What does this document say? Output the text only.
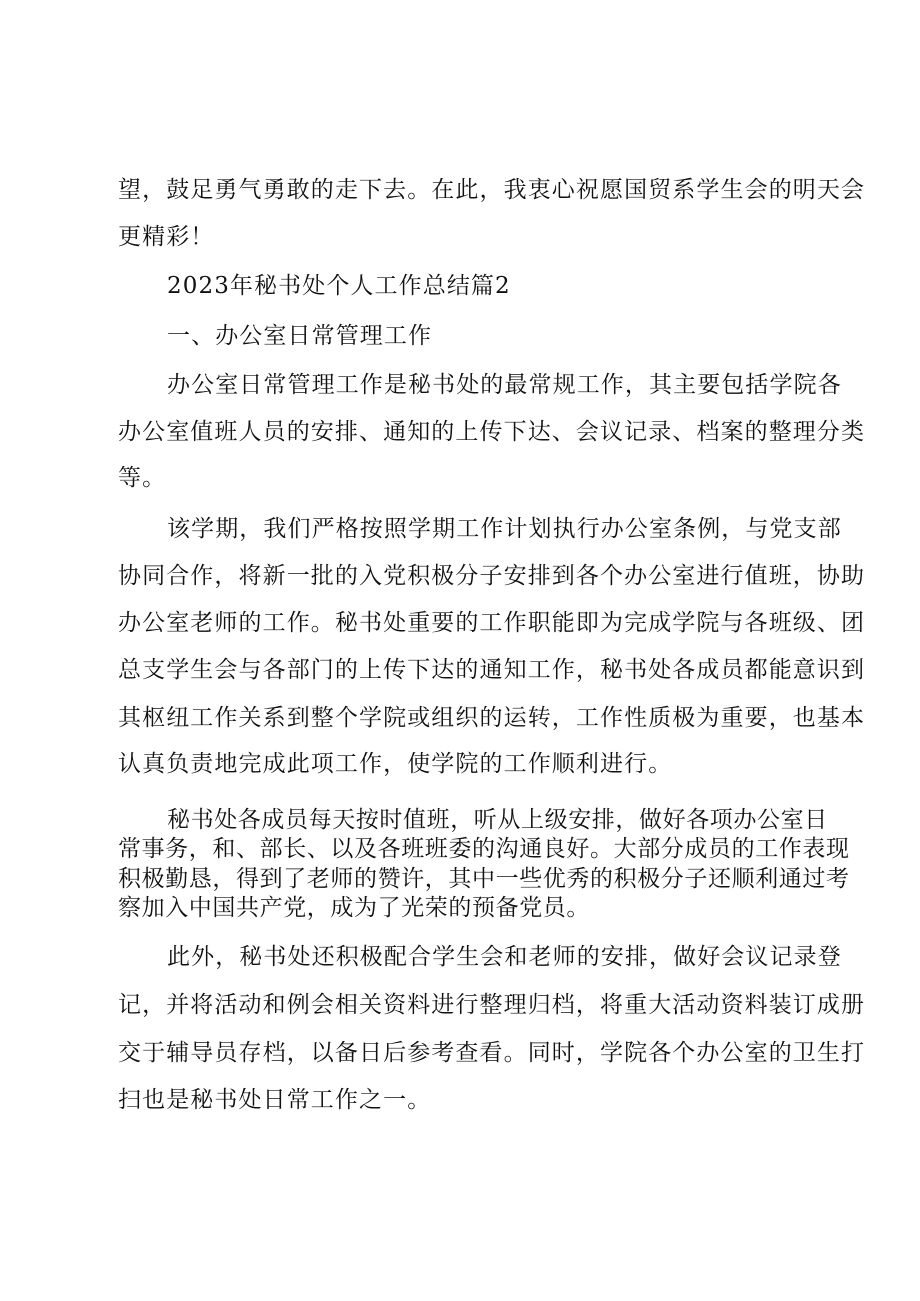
望，鼓足勇气勇敢的走下去。在此，我衷心祝愿国贸系学生会的明天会
更精彩！
2023年秘书处个人工作总结篇2
一、办公室日常管理工作
办公室日常管理工作是秘书处的最常规工作，其主要包括学院各
办公室值班人员的安排、通知的上传下达、会议记录、档案的整理分类
等。
该学期，我们严格按照学期工作计划执行办公室条例，与党支部
协同合作，将新一批的入党积极分子安排到各个办公室进行值班，协助
办公室老师的工作。秘书处重要的工作职能即为完成学院与各班级、团
总支学生会与各部门的上传下达的通知工作，秘书处各成员都能意识到
其枢纽工作关系到整个学院或组织的运转，工作性质极为重要，也基本
认真负责地完成此项工作，使学院的工作顺利进行。
秘书处各成员每天按时值班，听从上级安排，做好各项办公室日
常事务，和、部长、以及各班班委的沟通良好。大部分成员的工作表现
积极勤恳，得到了老师的赞许，其中一些优秀的积极分子还顺利通过考
察加入中国共产党，成为了光荣的预备党员。
此外，秘书处还积极配合学生会和老师的安排，做好会议记录登
记，并将活动和例会相关资料进行整理归档，将重大活动资料装订成册
交于辅导员存档，以备日后参考查看。同时，学院各个办公室的卫生打
扫也是秘书处日常工作之一。
